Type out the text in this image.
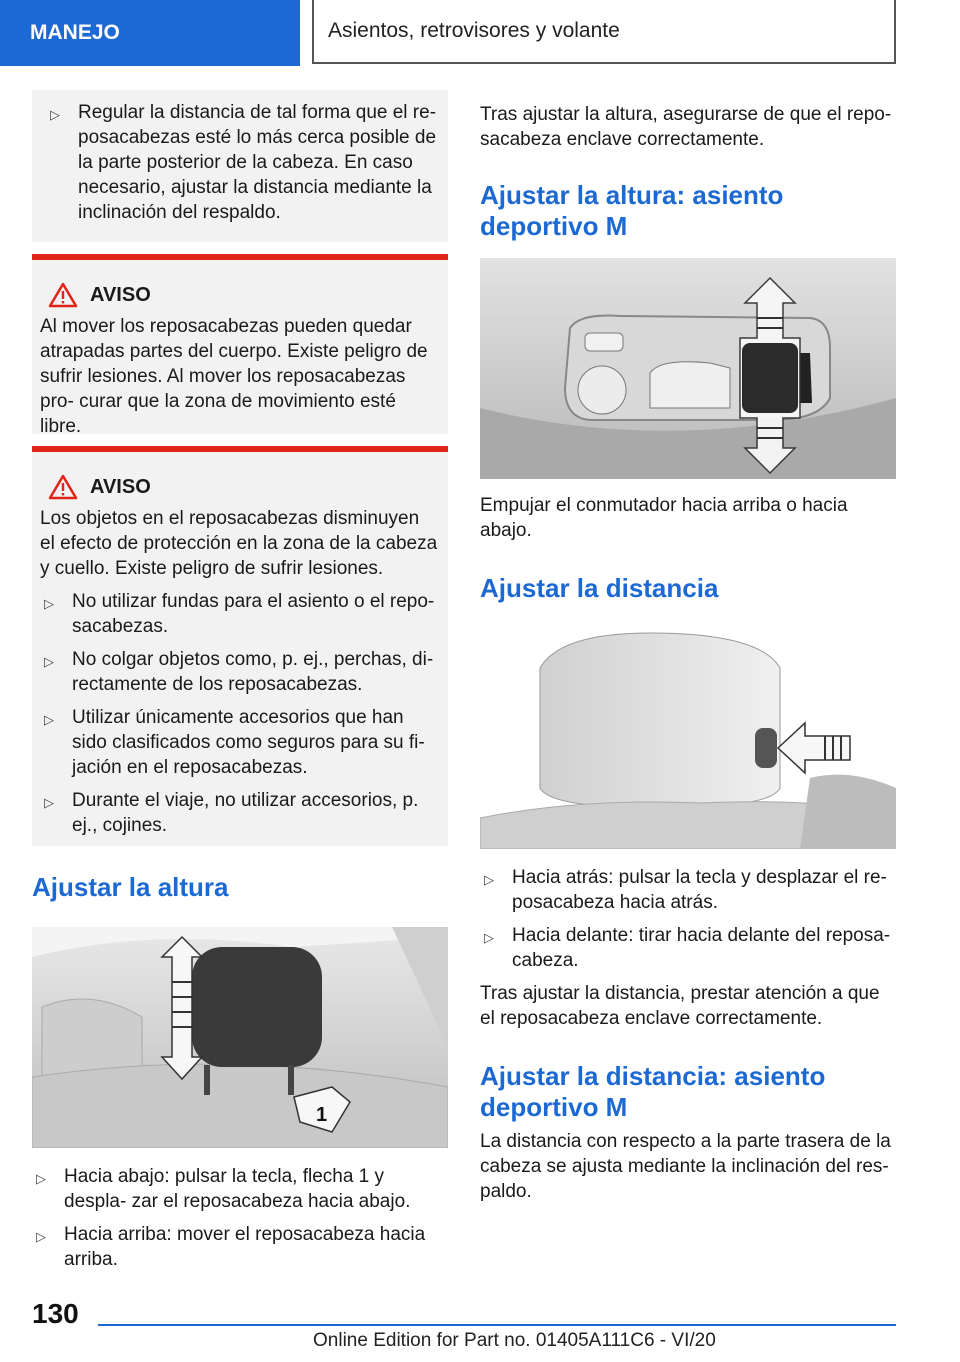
MANEJO	Asientos, retrovisores y volante
▷ Regular la distancia de tal forma que el re‐ posacabezas esté lo más cerca posible de la parte posterior de la cabeza. En caso necesario, ajustar la distancia mediante la inclinación del respaldo.
AVISO
Al mover los reposacabezas pueden quedar atrapadas partes del cuerpo. Existe peligro de sufrir lesiones. Al mover los reposacabezas pro‐ curar que la zona de movimiento esté libre.
AVISO
Los objetos en el reposacabezas disminuyen el efecto de protección en la zona de la cabeza y cuello. Existe peligro de sufrir lesiones.
▷ No utilizar fundas para el asiento o el repo‐ sacabezas.
▷ No colgar objetos como, p. ej., perchas, di‐ rectamente de los reposacabezas.
▷ Utilizar únicamente accesorios que han sido clasificados como seguros para su fi‐ jación en el reposacabezas.
▷ Durante el viaje, no utilizar accesorios, p. ej., cojines.
Ajustar la altura
1
▷ Hacia abajo: pulsar la tecla, flecha 1 y despla‐ zar el reposacabeza hacia abajo.
▷ Hacia arriba: mover el reposacabeza hacia arriba.
Tras ajustar la altura, asegurarse de que el repo‐ sacabeza enclave correctamente.
Ajustar la altura: asiento deportivo M
Empujar el conmutador hacia arriba o hacia abajo.
Ajustar la distancia
▷ Hacia atrás: pulsar la tecla y desplazar el re‐ posacabeza hacia atrás.
▷ Hacia delante: tirar hacia delante del reposa‐ cabeza.
Tras ajustar la distancia, prestar atención a que el reposacabeza enclave correctamente.
Ajustar la distancia: asiento deportivo M
La distancia con respecto a la parte trasera de la cabeza se ajusta mediante la inclinación del res‐ paldo.
130
Online Edition for Part no. 01405A111C6 - VI/20
